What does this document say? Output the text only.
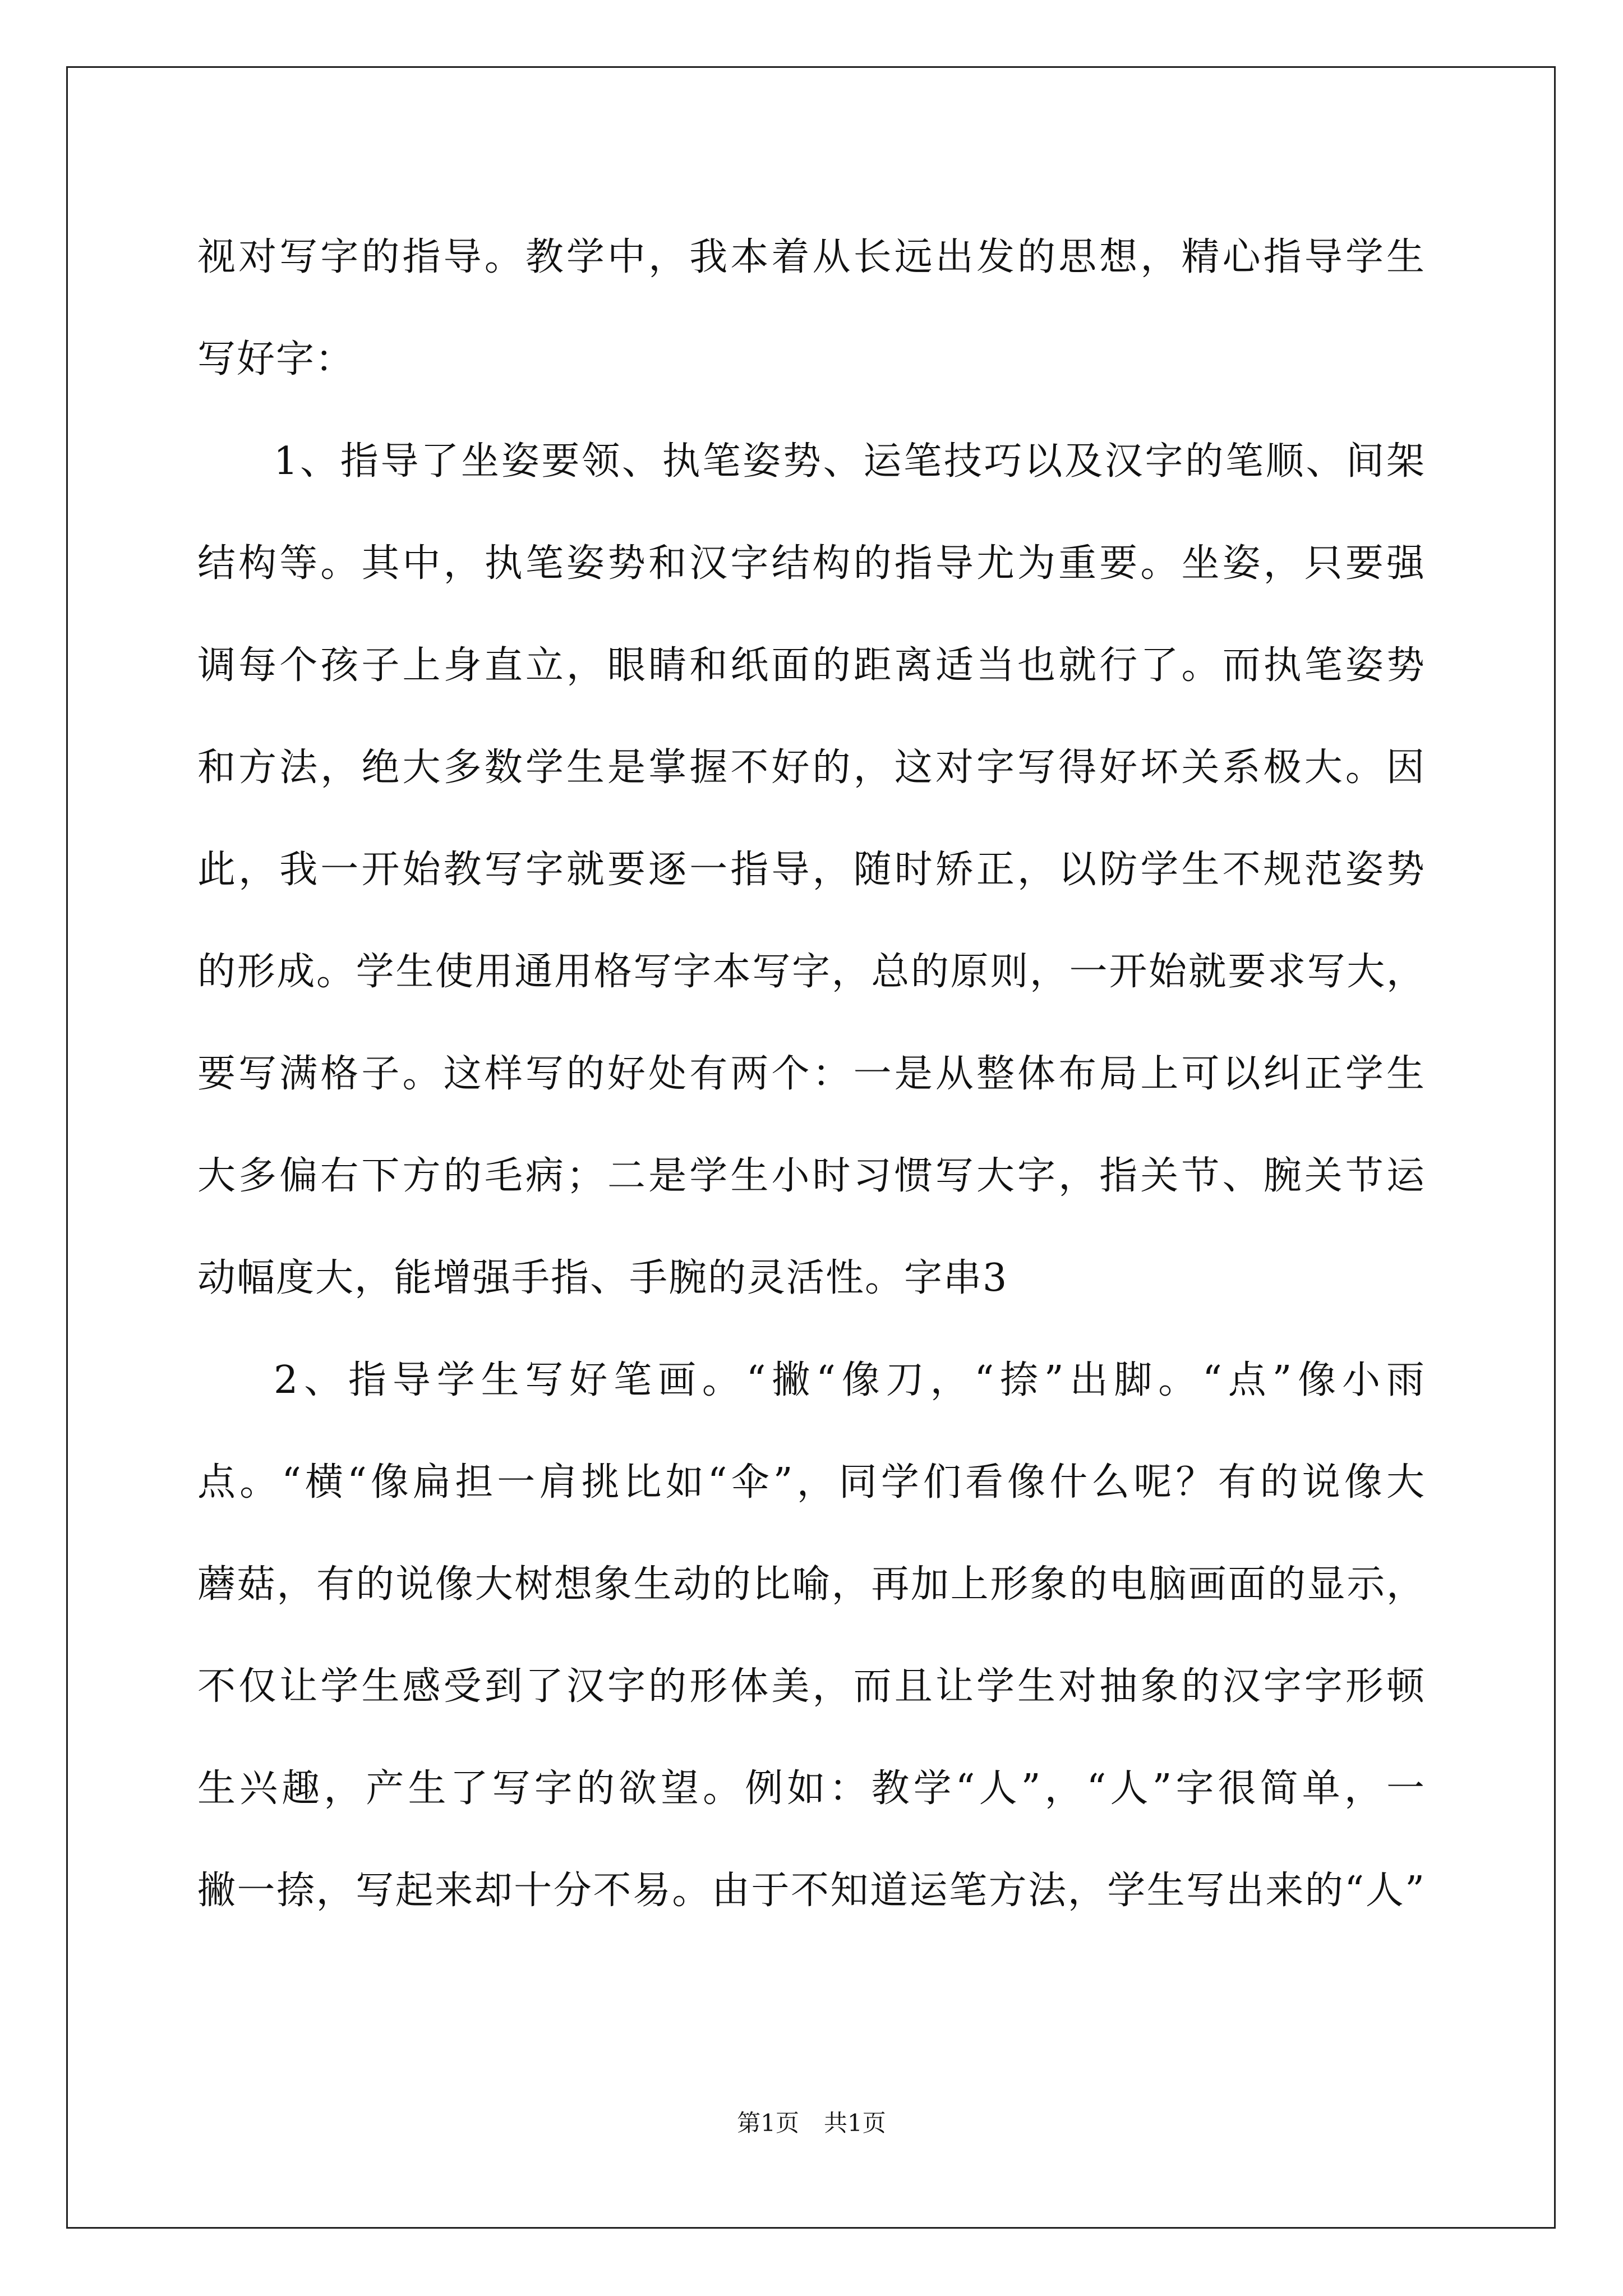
视对写字的指导。教学中，我本着从长远出发的思想，精心指导学生
写好字：
1、指导了坐姿要领、执笔姿势、运笔技巧以及汉字的笔顺、间架
结构等。其中，执笔姿势和汉字结构的指导尤为重要。坐姿，只要强
调每个孩子上身直立，眼睛和纸面的距离适当也就行了。而执笔姿势
和方法，绝大多数学生是掌握不好的，这对字写得好坏关系极大。因
此，我一开始教写字就要逐一指导，随时矫正，以防学生不规范姿势
的形成。学生使用通用格写字本写字，总的原则，一开始就要求写大，
要写满格子。这样写的好处有两个：一是从整体布局上可以纠正学生
大多偏右下方的毛病；二是学生小时习惯写大字，指关节、腕关节运
动幅度大，能增强手指、手腕的灵活性。字串3
2、指导学生写好笔画。“撇“像刀，“捺”出脚。“点”像小雨
点。“横“像扁担一肩挑比如“伞”，同学们看像什么呢？有的说像大
蘑菇，有的说像大树想象生动的比喻，再加上形象的电脑画面的显示，
不仅让学生感受到了汉字的形体美，而且让学生对抽象的汉字字形顿
生兴趣，产生了写字的欲望。例如：教学“人”，“人”字很简单，一
撇一捺，写起来却十分不易。由于不知道运笔方法，学生写出来的“人”
第1页 共1页
